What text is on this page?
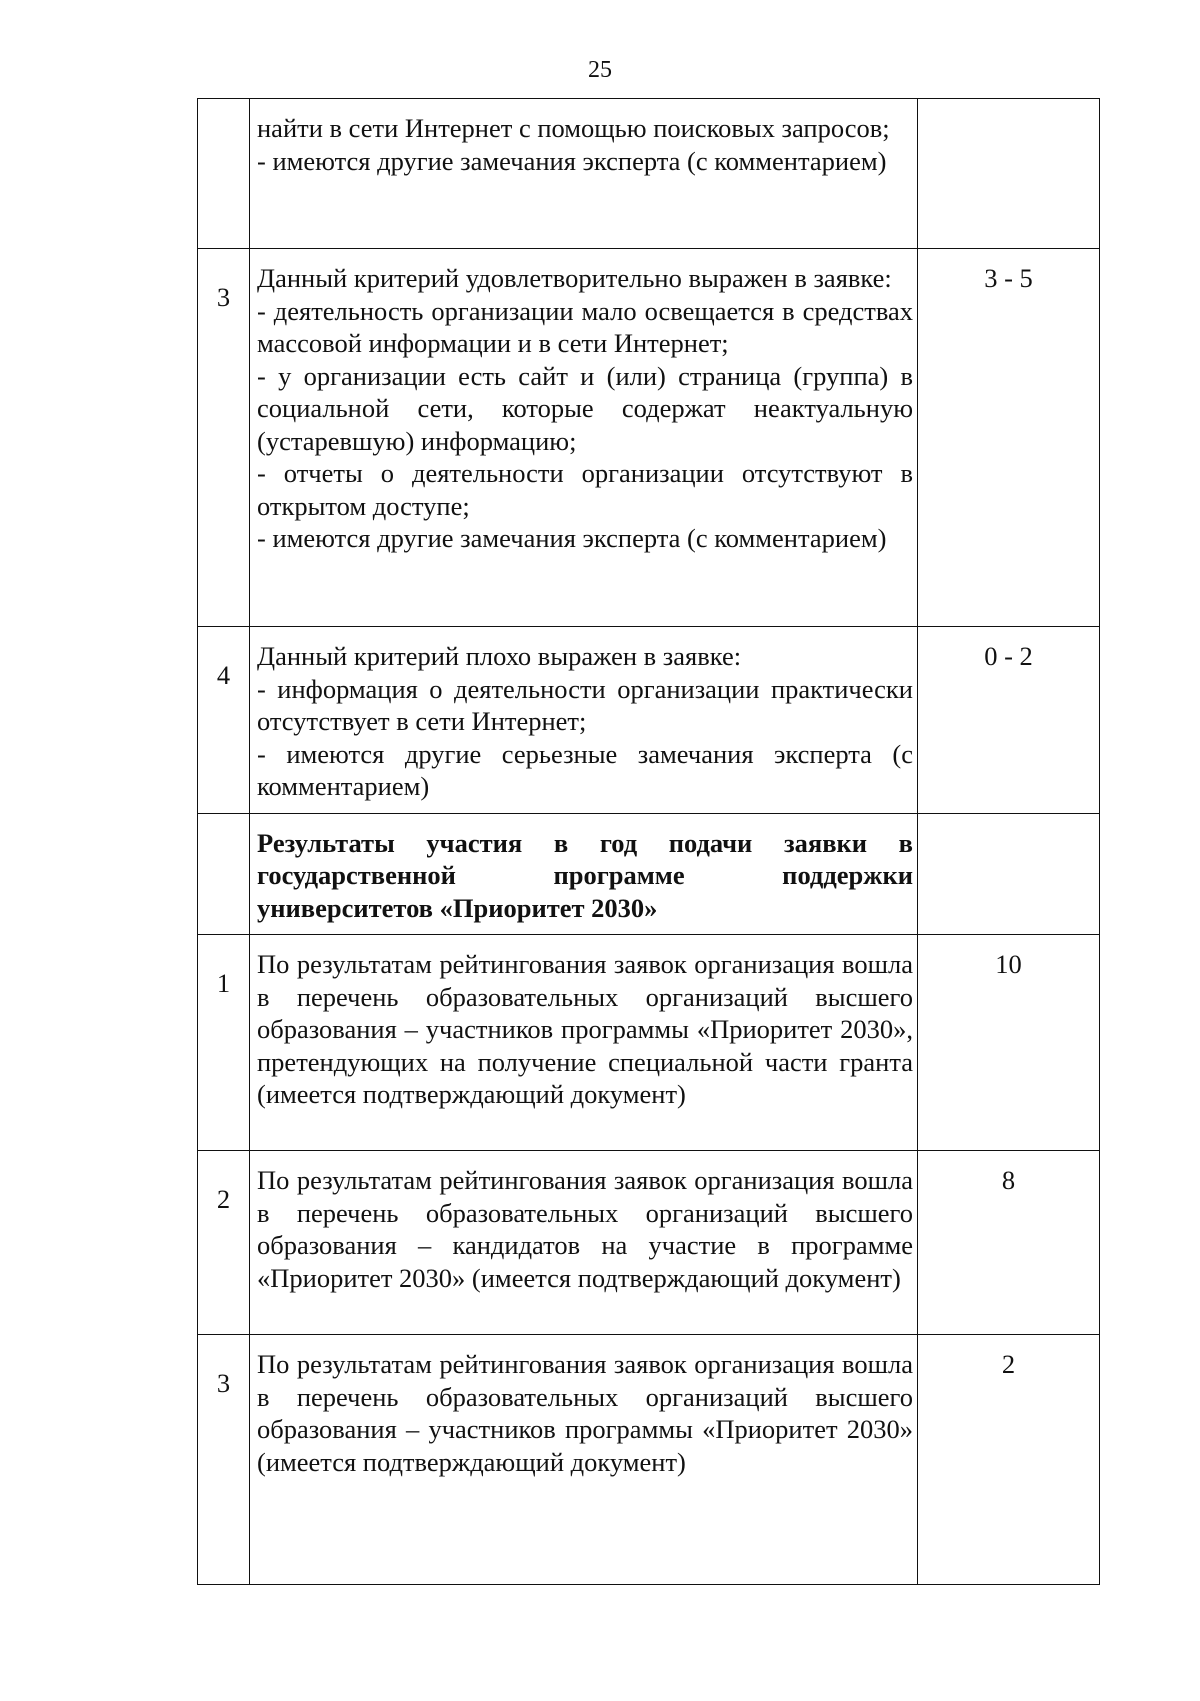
25

	найти в сети Интернет с помощью поисковых запросов;
- имеются другие замечания эксперта (с комментарием)	

3	Данный критерий удовлетворительно выражен в заявке:
- деятельность организации мало освещается в средствах массовой информации и в сети Интернет;
- у организации есть сайт и (или) страница (группа) в социальной сети, которые содержат неактуальную (устаревшую) информацию;
- отчеты о деятельности организации отсутствуют в открытом доступе;
- имеются другие замечания эксперта (с комментарием)	3 - 5

4	Данный критерий плохо выражен в заявке:
- информация о деятельности организации практически отсутствует в сети Интернет;
- имеются другие серьезные замечания эксперта (с комментарием)	0 - 2

	Результаты участия в год подачи заявки в государственной программе поддержки университетов «Приоритет 2030»	

1	По результатам рейтингования заявок организация вошла в перечень образовательных организаций высшего образования – участников программы «Приоритет 2030», претендующих на получение специальной части гранта (имеется подтверждающий документ)	10

2	По результатам рейтингования заявок организация вошла в перечень образовательных организаций высшего образования – кандидатов на участие в программе «Приоритет 2030» (имеется подтверждающий документ)	8

3	По результатам рейтингования заявок организация вошла в перечень образовательных организаций высшего образования – участников программы «Приоритет 2030» (имеется подтверждающий документ)	2
